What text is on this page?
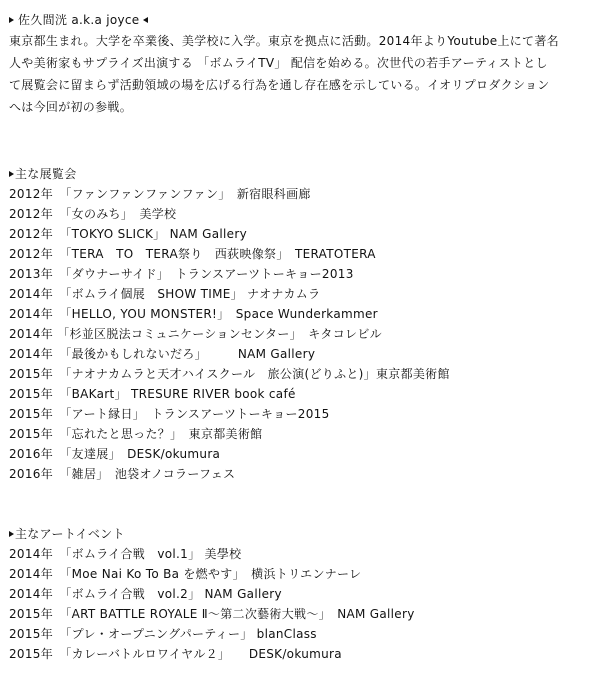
佐久間洸 a.k.a joyce
東京都生まれ。大学を卒業後、美学校に入学。東京を拠点に活動。2014年よりYoutube上にて著名
人や美術家もサプライズ出演する 「ボムライTV」 配信を始める。次世代の若手アーティストとし
て展覧会に留まらず活動領域の場を広げる行為を通し存在感を示している。イオリプロダクション
へは今回が初の参戦。
主な展覧会
2012年　「ファンファンファンファン」　新宿眼科画廊
2012年　「女のみち」　美学校
2012年　「TOKYO SLICK」 NAM Gallery
2012年　「TERA　TO　TERA祭り　西荻映像祭」　TERATOTERA
2013年　「ダウナーサイド」　トランスアーツトーキョー2013
2014年　「ボムライ個展　SHOW TIME」 ナオナカムラ
2014年　「HELLO, YOU MONSTER!」　Space Wunderkammer
2014年 「杉並区脱法コミュニケーションセンター」　キタコレビル
2014年　「最後かもしれないだろ」　　　NAM Gallery
2015年　「ナオナカムラと天才ハイスクール　旅公演(どりふと)」東京都美術館
2015年　「BAKart」 TRESURE RIVER book café
2015年　「アート縁日」　トランスアーツトーキョー2015
2015年　「忘れたと思った？」　東京都美術館
2016年　「友達展」　DESK/okumura
2016年　「雑居」　池袋オノコラーフェス
主なアートイベント
2014年　「ボムライ合戦　vol.1」 美學校
2014年　「Moe Nai Ko To Ba を燃やす」　横浜トリエンナーレ
2014年　「ボムライ合戦　vol.2」 NAM Gallery
2015年　「ART BATTLE ROYALE Ⅱ～第二次藝術大戦～」　NAM Gallery
2015年　「プレ・オープニングパーティー」 blanClass
2015年　「カレーバトルロワイヤル２」　　DESK/okumura
